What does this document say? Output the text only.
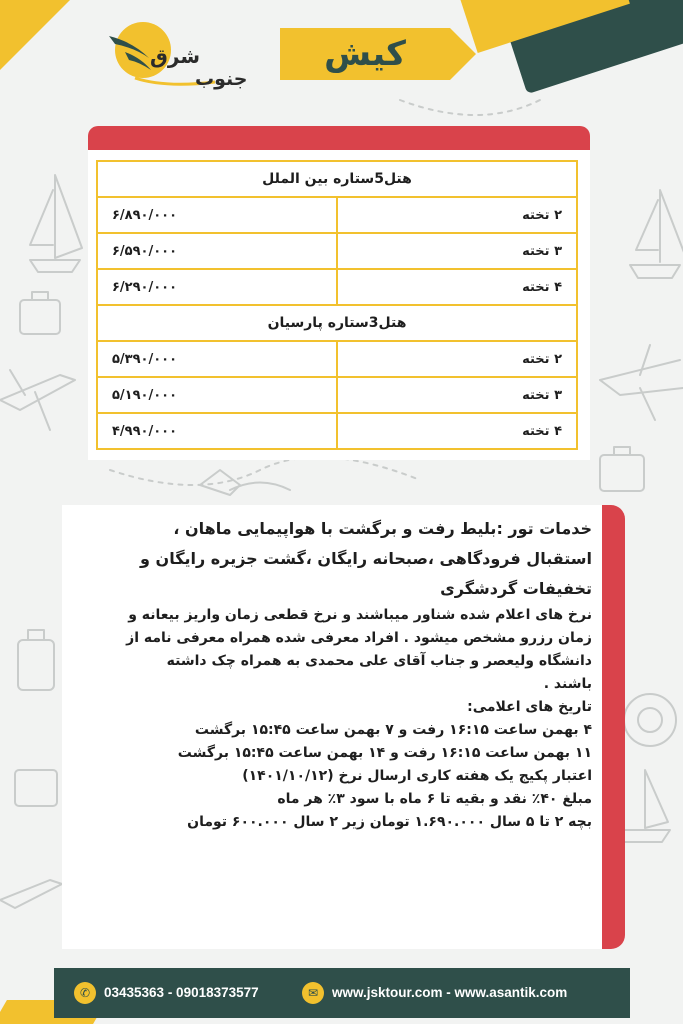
شرق
جنوب
کیش
هتل5ستاره بین الملل	
۲ تخته	۶/۸۹۰/۰۰۰
۳ تخته	۶/۵۹۰/۰۰۰
۴ تخته	۶/۲۹۰/۰۰۰
هتل3ستاره پارسیان	
۲ تخته	۵/۳۹۰/۰۰۰
۳ تخته	۵/۱۹۰/۰۰۰
۴ تخته	۴/۹۹۰/۰۰۰

خدمات تور :بلیط رفت و برگشت با هواپیمایی ماهان ،

استقبال فرودگاهی ،صبحانه رایگان ،گشت جزیره رایگان و

تخفیفات گردشگری

نرخ های اعلام شده شناور میباشند و نرخ قطعی زمان واریز بیعانه و

زمان رزرو مشخص میشود . افراد معرفی شده همراه معرفی نامه از

دانشگاه ولیعصر و جناب آقای علی محمدی به همراه چک داشته

باشند .

تاریخ های اعلامی:

۴ بهمن ساعت ۱۶:۱۵ رفت و ۷ بهمن ساعت ۱۵:۴۵ برگشت

۱۱ بهمن ساعت ۱۶:۱۵ رفت و ۱۴ بهمن ساعت ۱۵:۴۵ برگشت

اعتبار پکیج یک هفته کاری ارسال نرخ (۱۴۰۱/۱۰/۱۲)

مبلغ ۴۰٪ نقد و بقیه تا ۶ ماه با سود ۳٪ هر ماه

بچه ۲ تا ۵ سال ۱.۶۹۰.۰۰۰ تومان زیر ۲ سال ۶۰۰.۰۰۰ تومان

✆	03435363 - 09018373577	✉	www.jsktour.com - www.asantik.com
